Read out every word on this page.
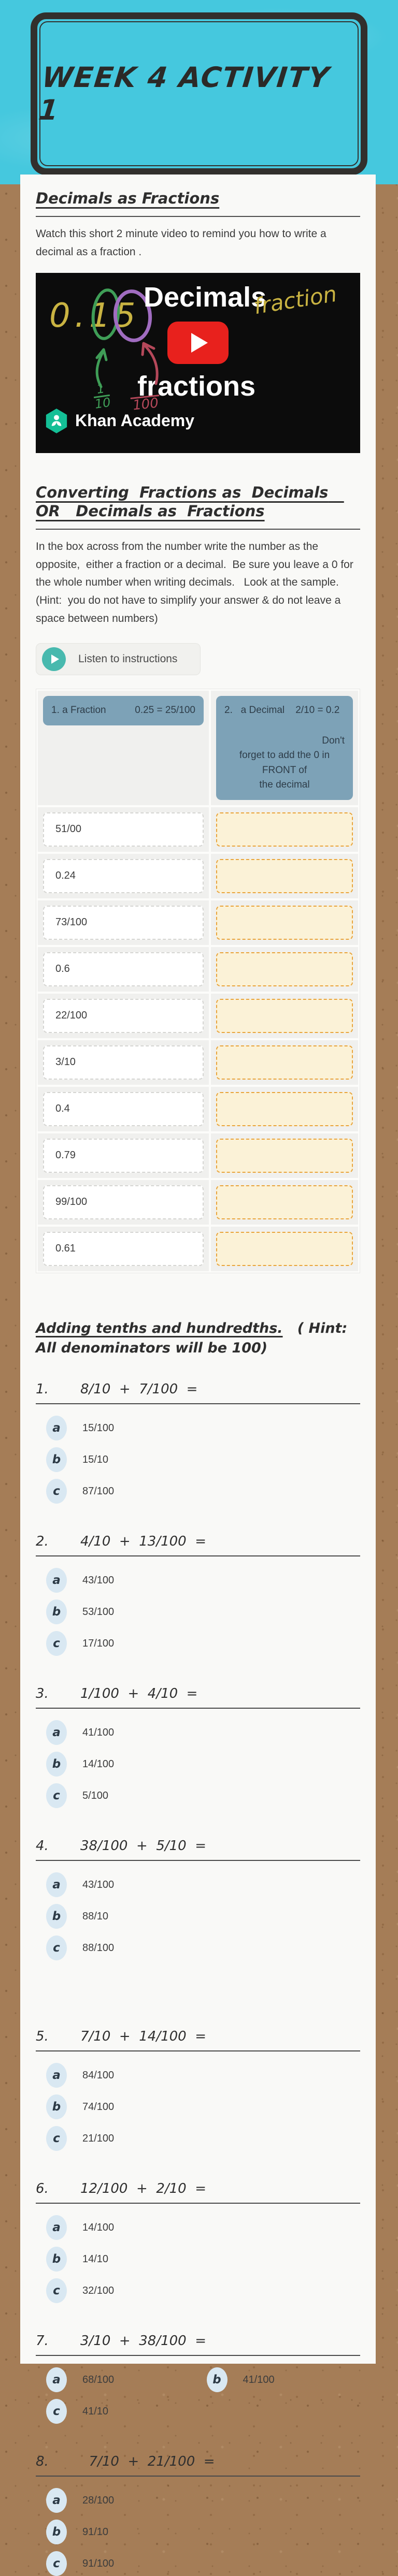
WEEK 4 ACTIVITY 1
Decimals as Fractions

Watch this short 2 minute video to remind you how to write a decimal as a fraction .

0.15 Decimals
fractions
fraction
1
10 100
Khan Academy
Converting  Fractions as  Decimals   OR   Decimals as  Fractions

In the box across from the number write the number as the opposite,  either a fraction or a decimal.  Be sure you leave a 0 for the whole number when writing decimals.   Look at the sample.  (Hint:  you do not have to simplify your answer & do not leave a space between numbers)

Listen to instructions
1. a Fraction	0.25 = 25/100	2.   a Decimal    2/10 = 0.2
Don't
forget to add the 0 in FRONT of
the decimal
51/00
0.24
73/100
0.6
22/100
3/10
0.4
0.79
99/100
0.61
Adding tenths and hundredths.   ( Hint: All denominators will be 100)
1.	8/10  +  7/100  =
a	15/100
b	15/10
c	87/100
2.	4/10  +  13/100  =
a	43/100
b	53/100
c	17/100
3.	1/100  +  4/10  =
a	41/100
b	14/100
c	5/100
4.	38/100  +  5/10  =
a	43/100
b	88/10
c	88/100
5.	7/10  +  14/100  =
a	84/100
b	74/100
c	21/100
6.	12/100  +  2/10  =
a	14/100
b	14/10
c	32/100
7.	3/10  +  38/100  =
a	68/100	b	41/100
c	41/10
8.	7/10  +  21/100  =
a	28/100
b	91/10
c	91/100
